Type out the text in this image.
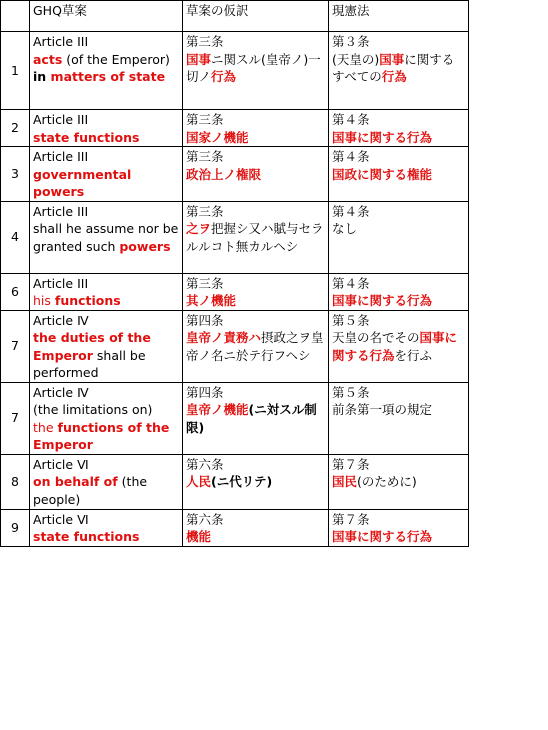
	GHQ草案	草案の仮訳	現憲法
1	Article III
acts (of the Emperor)
in matters of state	第三条
国事ニ関スル(皇帝ノ)一切ノ行為	第３条
(天皇の)国事に関するすべての行為
2	Article III
state functions	第三条
国家ノ機能	第４条
国事に関する行為
3	Article III
governmental powers	第三条
政治上ノ権限	第４条
国政に関する権能
4	Article III
shall he assume nor be granted such powers	第三条
之ヲ把握シ又ハ賦与セラルルコト無カルヘシ	第４条
なし
6	Article III
his functions	第三条
其ノ機能	第４条
国事に関する行為
7	Article Ⅳ
the duties of the Emperor shall be performed	第四条
皇帝ノ責務ハ摂政之ヲ皇帝ノ名ニ於テ行フヘシ	第５条
天皇の名でその国事に関する行為を行ふ
7	Article Ⅳ
(the limitations on)
the functions of the Emperor	第四条
皇帝ノ機能(ニ対スル制限)	第５条
前条第一項の規定
8	Article Ⅵ
on behalf of (the people)	第六条
人民(ニ代リテ)	第７条
国民(のために)
9	Article Ⅵ
state functions	第六条
機能	第７条
国事に関する行為
